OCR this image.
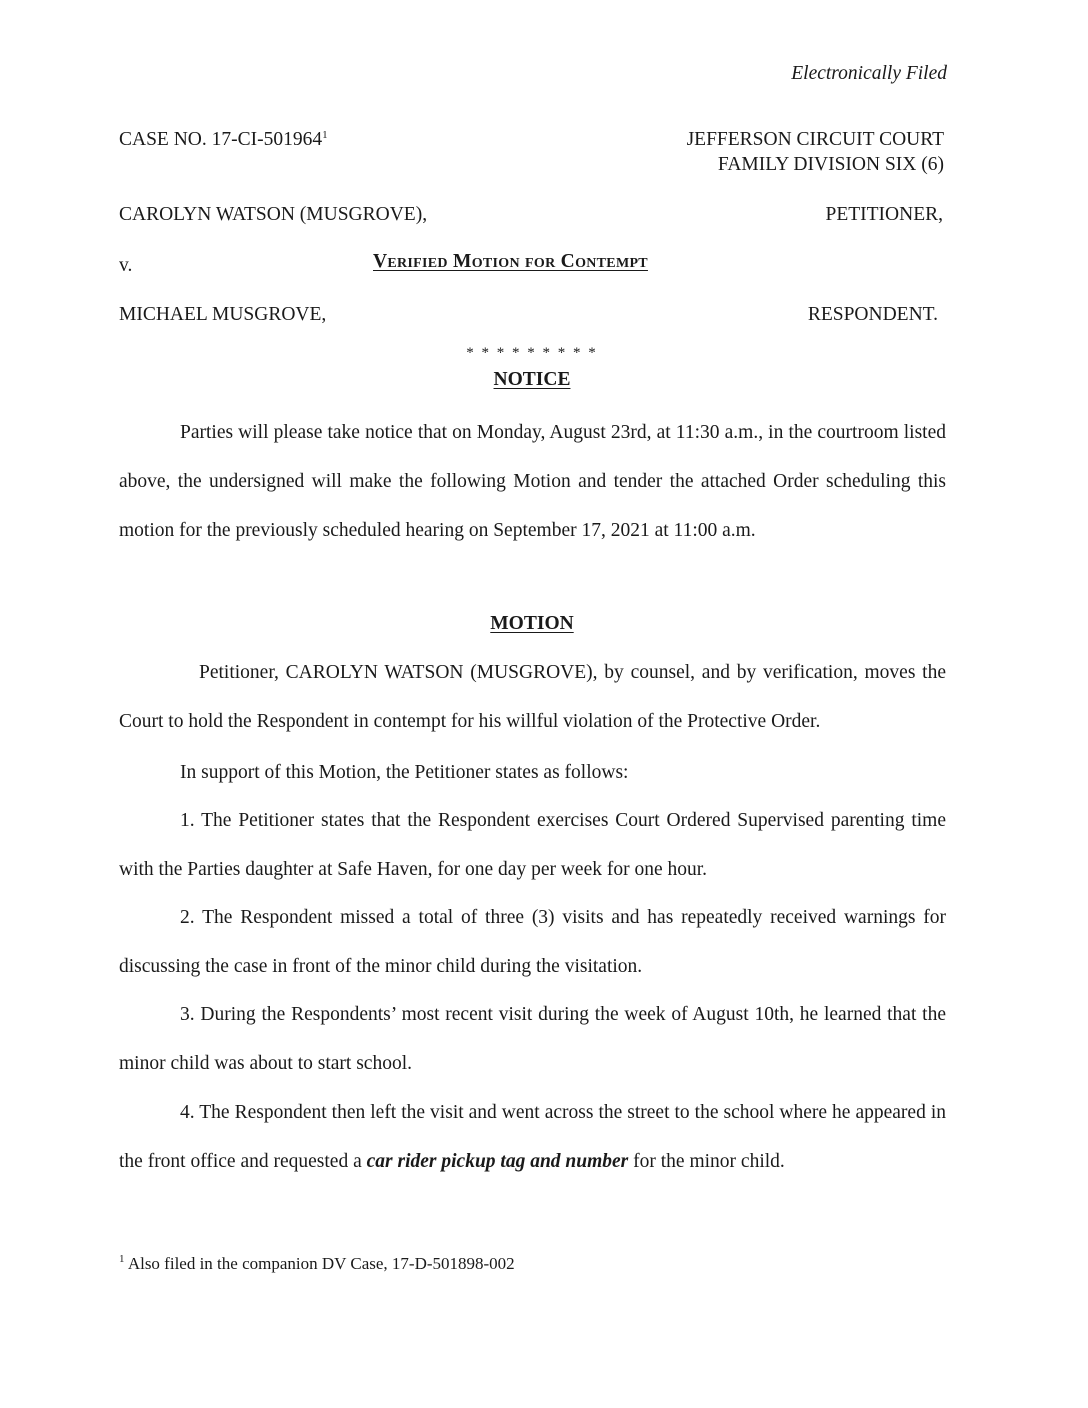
Electronically Filed
CASE NO. 17-CI-501964$^1$	JEFFERSON CIRCUIT COURT
FAMILY DIVISION SIX (6)
CAROLYN WATSON (MUSGROVE),	PETITIONER,
v.	Verified Motion for Contempt
MICHAEL MUSGROVE,	RESPONDENT.
* * * * * * * * *
NOTICE
Parties will please take notice that on Monday, August 23rd, at 11:30 a.m., in the courtroom listed above, the undersigned will make the following Motion and tender the attached Order scheduling this motion for the previously scheduled hearing on September 17, 2021 at 11:00 a.m.
MOTION
Petitioner, CAROLYN WATSON (MUSGROVE), by counsel, and by verification, moves the Court to hold the Respondent in contempt for his willful violation of the Protective Order.
In support of this Motion, the Petitioner states as follows:
1. The Petitioner states that the Respondent exercises Court Ordered Supervised parenting time with the Parties daughter at Safe Haven, for one day per week for one hour.
2. The Respondent missed a total of three (3) visits and has repeatedly received warnings for discussing the case in front of the minor child during the visitation.
3. During the Respondents’ most recent visit during the week of August 10th, he learned that the minor child was about to start school.
4. The Respondent then left the visit and went across the street to the school where he appeared in the front office and requested a car rider pickup tag and number for the minor child.
$^1$ Also filed in the companion DV Case, 17-D-501898-002
